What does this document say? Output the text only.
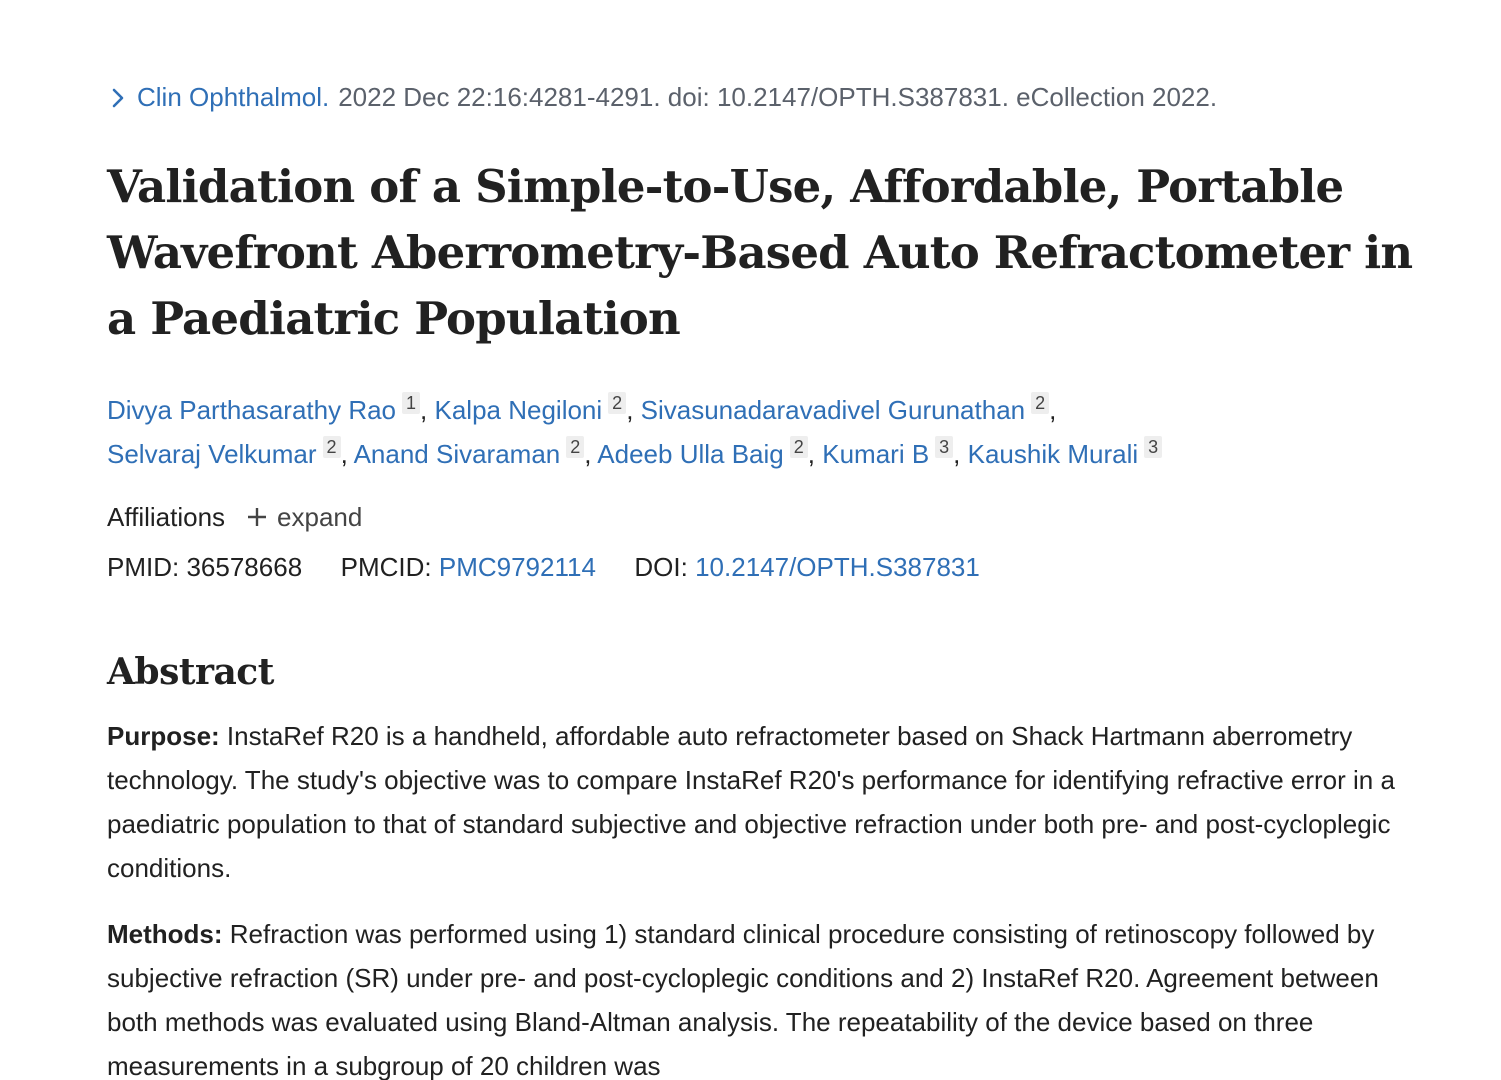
Clin Ophthalmol. 2022 Dec 22:16:4281-4291. doi: 10.2147/OPTH.S387831. eCollection 2022.
Validation of a Simple-to-Use, Affordable, Portable Wavefront Aberrometry-Based Auto Refractometer in a Paediatric Population
Divya Parthasarathy Rao 1 , Kalpa Negiloni 2 , Sivasunadaravadivel Gurunathan 2 ,
Selvaraj Velkumar 2 , Anand Sivaraman 2 , Adeeb Ulla Baig 2 , Kumari B 3 , Kaushik Murali 3
Affiliations expand
PMID: 36578668 PMCID: PMC9792114 DOI: 10.2147/OPTH.S387831
Abstract

Purpose: InstaRef R20 is a handheld, affordable auto refractometer based on Shack Hartmann aberrometry technology. The study's objective was to compare InstaRef R20's performance for identifying refractive error in a paediatric population to that of standard subjective and objective refraction under both pre- and post-cycloplegic conditions.

Methods: Refraction was performed using 1) standard clinical procedure consisting of retinoscopy followed by subjective refraction (SR) under pre- and post-cycloplegic conditions and 2) InstaRef R20. Agreement between both methods was evaluated using Bland-Altman analysis. The repeatability of the device based on three measurements in a subgroup of 20 children was
